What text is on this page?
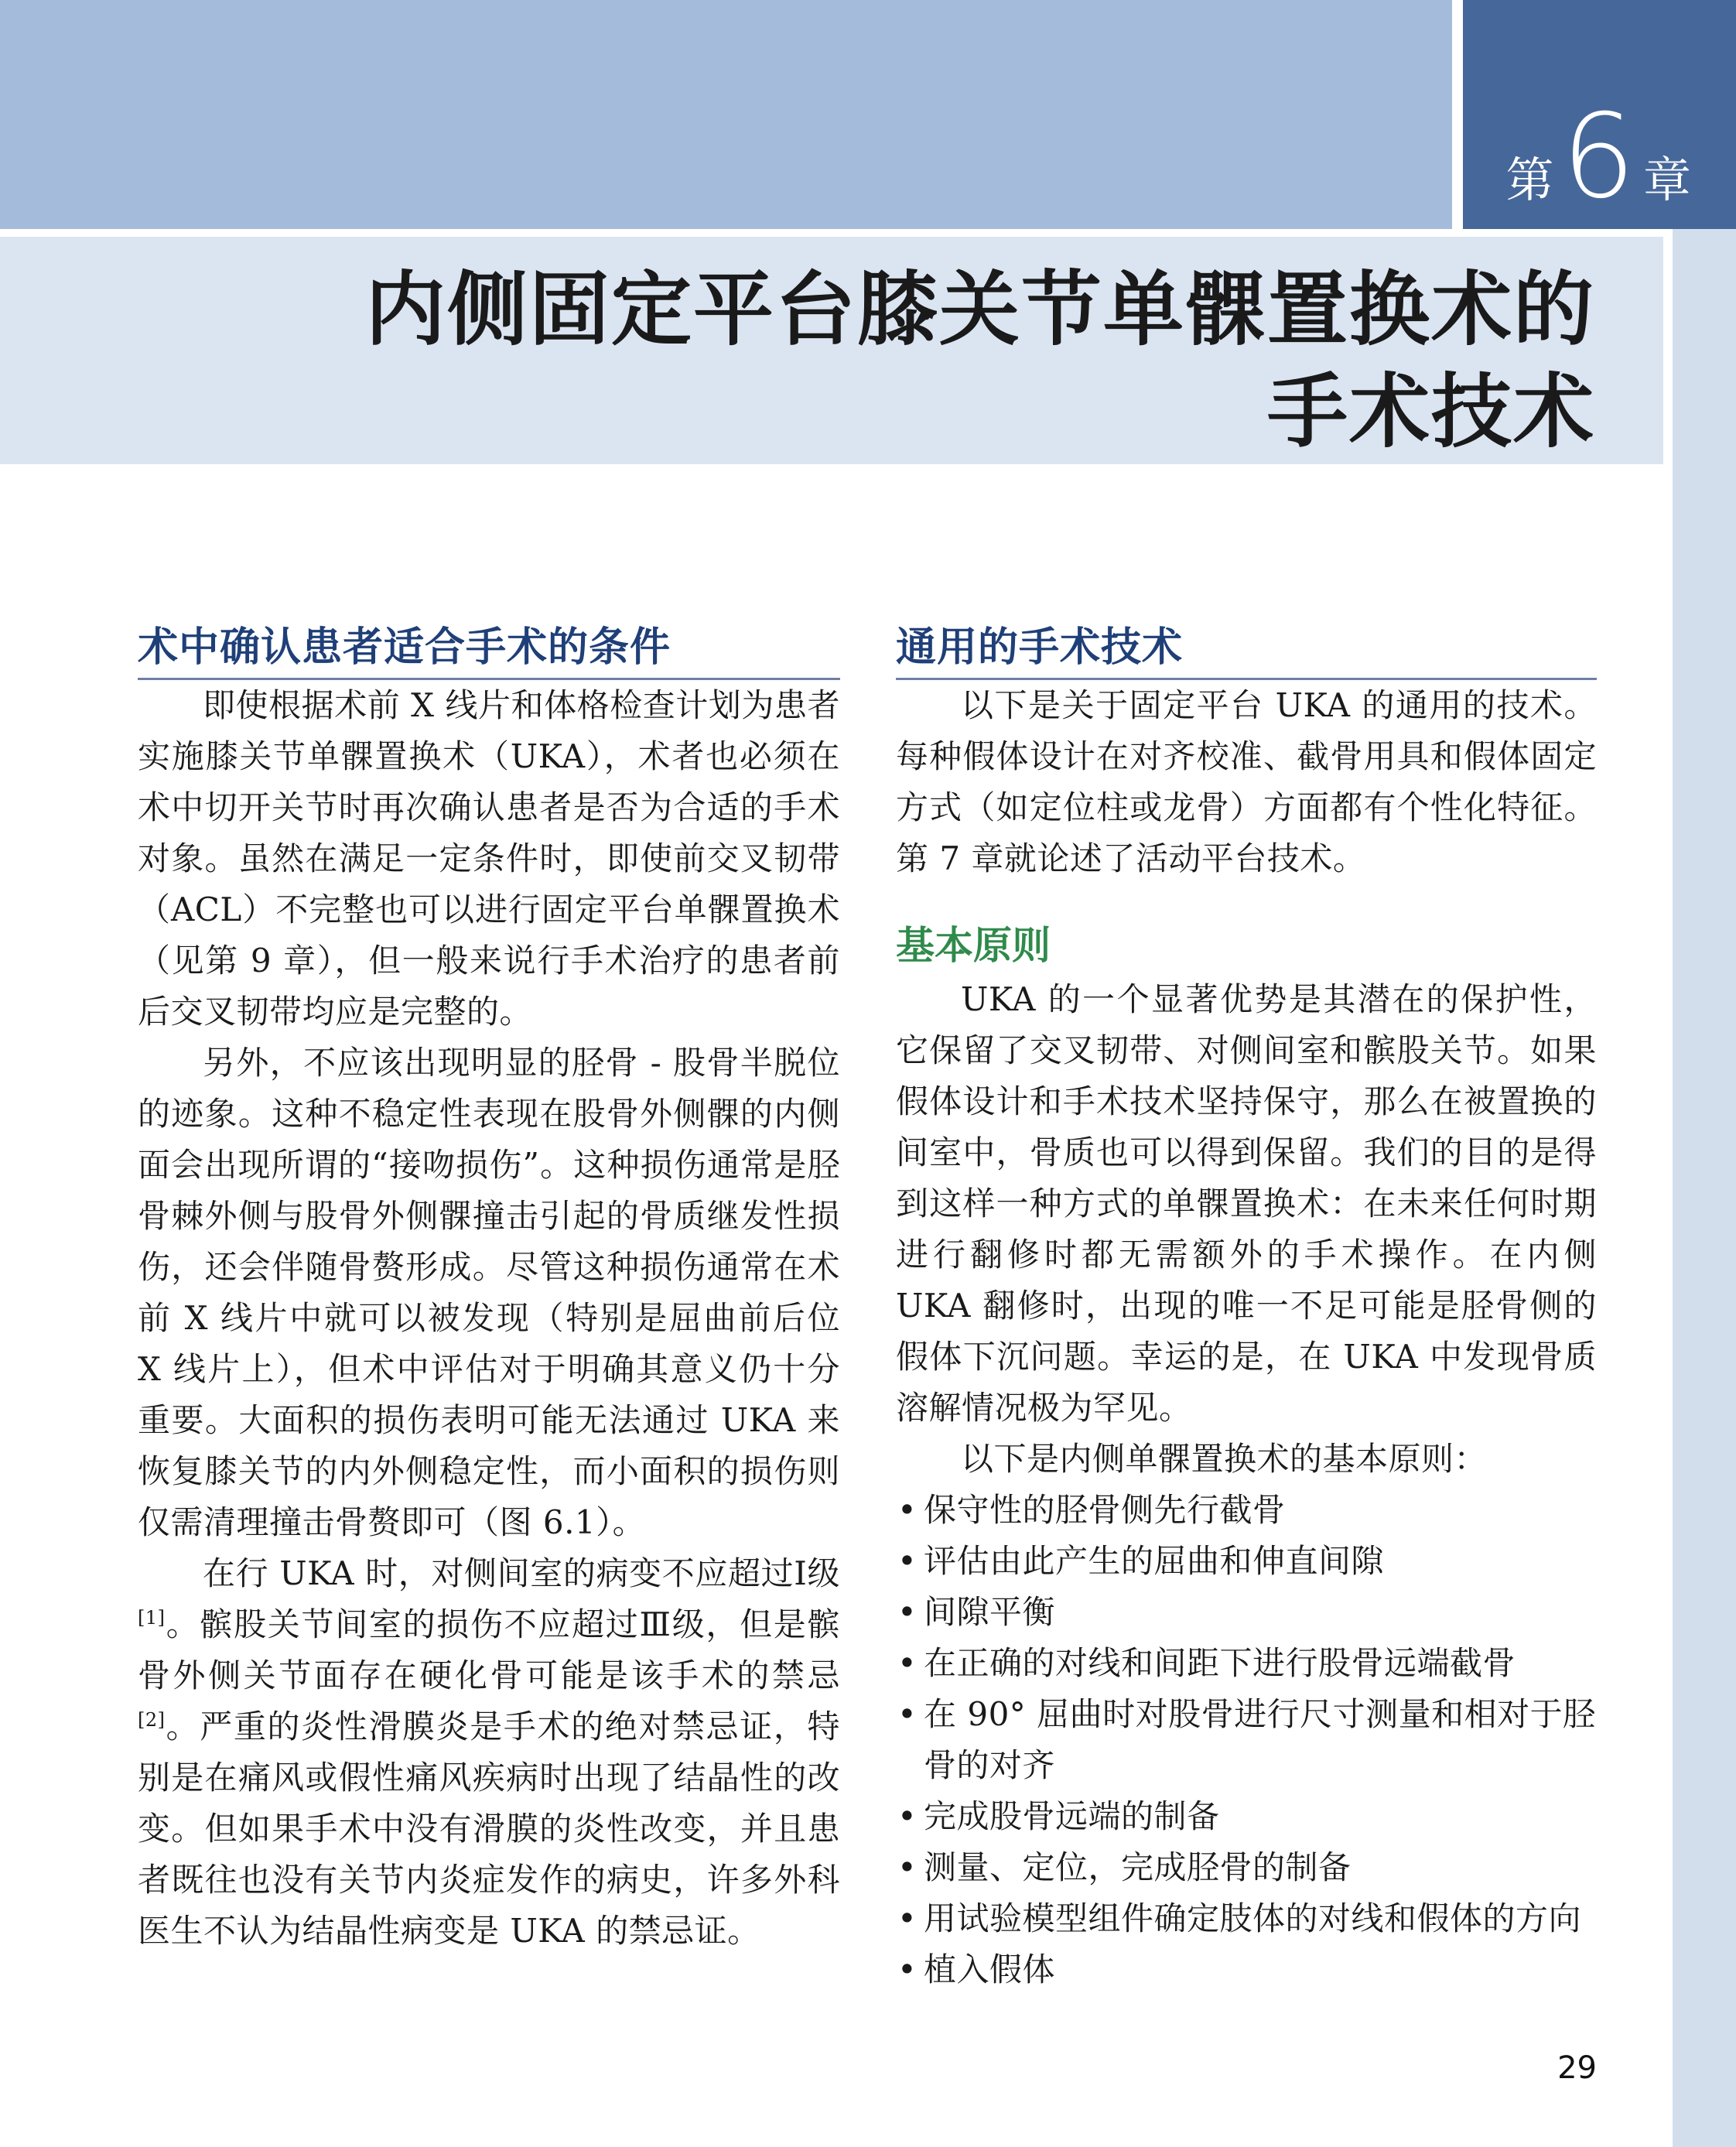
第6 章
内侧固定平台膝关节单髁置换术的
手术技术
术中确认患者适合手术的条件

即使根据术前 X 线片和体格检查计划为患者实施膝关节单髁置换术（UKA），术者也必须在术中切开关节时再次确认患者是否为合适的手术对象。虽然在满足一定条件时，即使前交叉韧带（ACL）不完整也可以进行固定平台单髁置换术（见第 9 章），但一般来说行手术治疗的患者前后交叉韧带均应是完整的。

另外，不应该出现明显的胫骨 - 股骨半脱位的迹象。这种不稳定性表现在股骨外侧髁的内侧面会出现所谓的“接吻损伤”。这种损伤通常是胫骨棘外侧与股骨外侧髁撞击引起的骨质继发性损伤，还会伴随骨赘形成。尽管这种损伤通常在术前 X 线片中就可以被发现（特别是屈曲前后位 X 线片上），但术中评估对于明确其意义仍十分重要。大面积的损伤表明可能无法通过 UKA 来恢复膝关节的内外侧稳定性，而小面积的损伤则仅需清理撞击骨赘即可（图 6.1）。

在行 UKA 时，对侧间室的病变不应超过Ⅰ级[1]。髌股关节间室的损伤不应超过Ⅲ级，但是髌骨外侧关节面存在硬化骨可能是该手术的禁忌[2]。严重的炎性滑膜炎是手术的绝对禁忌证，特别是在痛风或假性痛风疾病时出现了结晶性的改变。但如果手术中没有滑膜的炎性改变，并且患者既往也没有关节内炎症发作的病史，许多外科医生不认为结晶性病变是 UKA 的禁忌证。

通用的手术技术

以下是关于固定平台 UKA 的通用的技术。每种假体设计在对齐校准、截骨用具和假体固定方式（如定位柱或龙骨）方面都有个性化特征。第 7 章就论述了活动平台技术。

基本原则

UKA 的一个显著优势是其潜在的保护性，它保留了交叉韧带、对侧间室和髌股关节。如果假体设计和手术技术坚持保守，那么在被置换的间室中，骨质也可以得到保留。我们的目的是得到这样一种方式的单髁置换术：在未来任何时期进行翻修时都无需额外的手术操作。在内侧 UKA 翻修时，出现的唯一不足可能是胫骨侧的假体下沉问题。幸运的是，在 UKA 中发现骨质溶解情况极为罕见。

以下是内侧单髁置换术的基本原则：

• 保守性的胫骨侧先行截骨
• 评估由此产生的屈曲和伸直间隙
• 间隙平衡
• 在正确的对线和间距下进行股骨远端截骨
• 在 90° 屈曲时对股骨进行尺寸测量和相对于胫骨的对齐
• 完成股骨远端的制备
• 测量、定位，完成胫骨的制备
• 用试验模型组件确定肢体的对线和假体的方向
• 植入假体
29
